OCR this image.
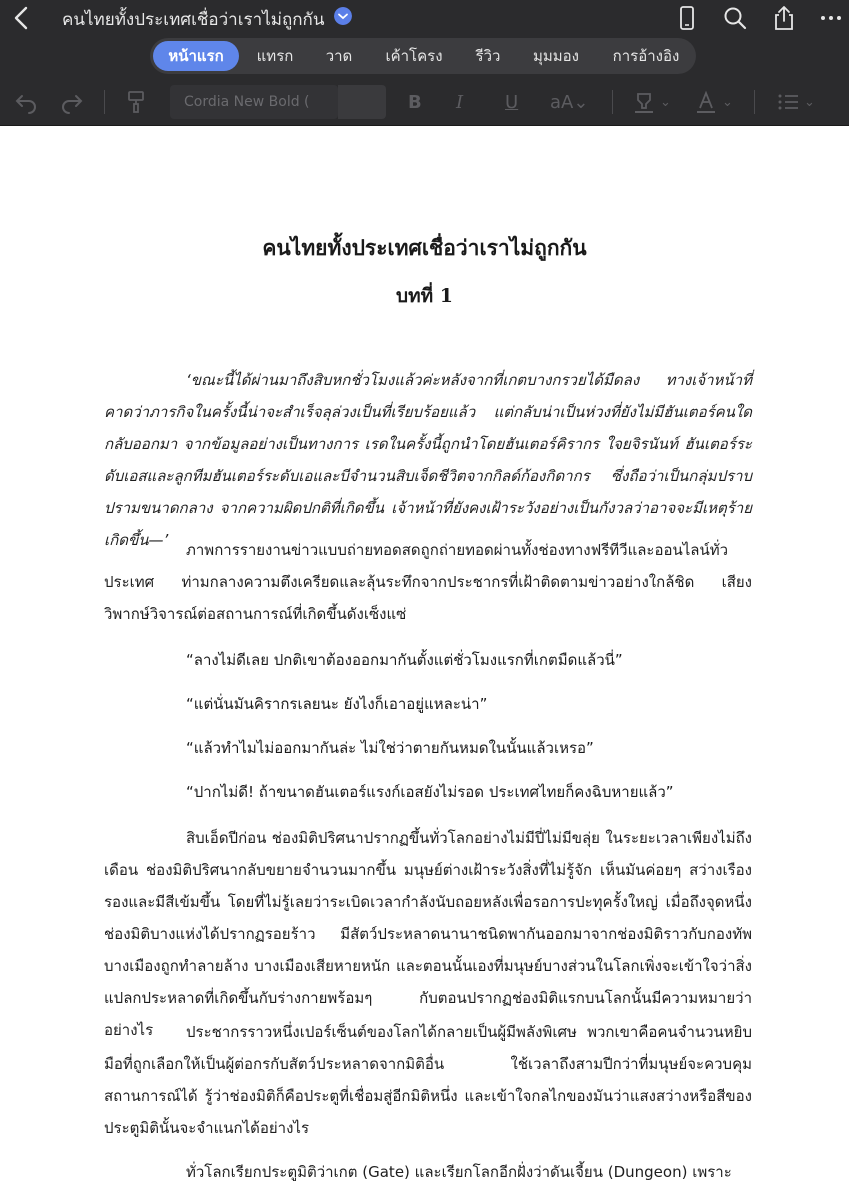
คนไทยทั้งประเทศเชื่อว่าเราไม่ถูกกัน
หน้าแรก	แทรก	วาด	เค้าโครง	รีวิว	มุมมอง	การอ้างอิง
Cordia New Bold (	B I U aA⌄	⌄	⌄	⌄
คนไทยทั้งประเทศเชื่อว่าเราไม่ถูกกัน
บทที่ 1
‘ขณะนี้ได้ผ่านมาถึงสิบหกชั่วโมงแล้วค่ะหลังจากที่เกตบางกรวยได้มืดลง ทางเจ้าหน้าที่คาดว่าภารกิจในครั้งนี้น่าจะสำเร็จลุล่วงเป็นที่เรียบร้อยแล้ว แต่กลับน่าเป็นห่วงที่ยังไม่มีฮันเตอร์คนใดกลับออกมา จากข้อมูลอย่างเป็นทางการ เรดในครั้งนี้ถูกนำโดยฮันเตอร์คิรากร ใจยจิรนันท์ ฮันเตอร์ระดับเอสและลูกทีมฮันเตอร์ระดับเอและบีจำนวนสิบเจ็ดชีวิตจากกิลด์ก้องกิดากร ซึ่งถือว่าเป็นกลุ่มปราบปรามขนาดกลาง จากความผิดปกติที่เกิดขึ้น เจ้าหน้าที่ยังคงเฝ้าระวังอย่างเป็นกังวลว่าอาจจะมีเหตุร้ายเกิดขึ้น—’
ภาพการรายงานข่าวแบบถ่ายทอดสดถูกถ่ายทอดผ่านทั้งช่องทางฟรีทีวีและออนไลน์ทั่วประเทศ ท่ามกลางความตึงเครียดและลุ้นระทึกจากประชากรที่เฝ้าติดตามข่าวอย่างใกล้ชิด เสียงวิพากษ์วิจารณ์ต่อสถานการณ์ที่เกิดขึ้นดังเซ็งแซ่
“ลางไม่ดีเลย ปกติเขาต้องออกมากันตั้งแต่ชั่วโมงแรกที่เกตมืดแล้วนี่”
“แต่นั่นมันคิรากรเลยนะ ยังไงก็เอาอยู่แหละน่า”
“แล้วทำไมไม่ออกมากันล่ะ ไม่ใช่ว่าตายกันหมดในนั้นแล้วเหรอ”
“ปากไม่ดี! ถ้าขนาดฮันเตอร์แรงก์เอสยังไม่รอด ประเทศไทยก็คงฉิบหายแล้ว”
สิบเอ็ดปีก่อน ช่องมิติปริศนาปรากฏขึ้นทั่วโลกอย่างไม่มีปี่ไม่มีขลุ่ย ในระยะเวลาเพียงไม่ถึงเดือน ช่องมิติปริศนากลับขยายจำนวนมากขึ้น มนุษย์ต่างเฝ้าระวังสิ่งที่ไม่รู้จัก เห็นมันค่อยๆ สว่างเรืองรองและมีสีเข้มขึ้น โดยที่ไม่รู้เลยว่าระเบิดเวลากำลังนับถอยหลังเพื่อรอการปะทุครั้งใหญ่ เมื่อถึงจุดหนึ่ง ช่องมิติบางแห่งได้ปรากฏรอยร้าว มีสัตว์ประหลาดนานาชนิดพากันออกมาจากช่องมิติราวกับกองทัพ บางเมืองถูกทำลายล้าง บางเมืองเสียหายหนัก และตอนนั้นเองที่มนุษย์บางส่วนในโลกเพิ่งจะเข้าใจว่าสิ่งแปลกประหลาดที่เกิดขึ้นกับร่างกายพร้อมๆ กับตอนปรากฏช่องมิติแรกบนโลกนั้นมีความหมายว่าอย่างไร	ประชากรราวหนึ่งเปอร์เซ็นต์ของโลกได้กลายเป็นผู้มีพลังพิเศษ พวกเขาคือคนจำนวนหยิบมือที่ถูกเลือกให้เป็นผู้ต่อกรกับสัตว์ประหลาดจากมิติอื่น ใช้เวลาถึงสามปีกว่าที่มนุษย์จะควบคุมสถานการณ์ได้ รู้ว่าช่องมิติก็คือประตูที่เชื่อมสู่อีกมิติหนึ่ง และเข้าใจกลไกของมันว่าแสงสว่างหรือสีของประตูมิตินั้นจะจำแนกได้อย่างไร
ทั่วโลกเรียกประตูมิติว่าเกต (Gate) และเรียกโลกอีกฝั่งว่าดันเจี้ยน (Dungeon) เพราะ
